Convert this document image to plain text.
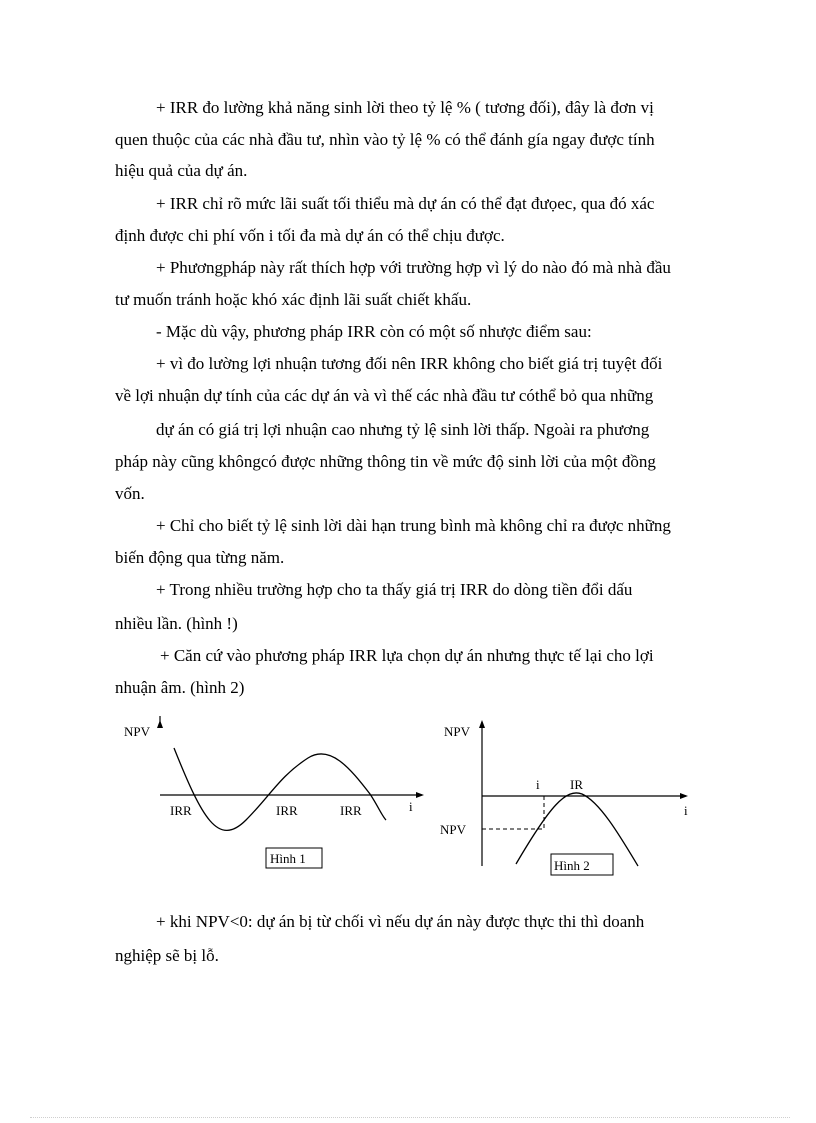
+ IRR đo lường khả năng sinh lời theo tỷ lệ % ( tương đối), đây là đơn vị
quen thuộc của các nhà đầu tư, nhìn vào tỷ lệ % có thể đánh gía ngay được tính
hiệu quả của dự án.
+ IRR chỉ rõ mức lãi suất tối thiểu mà dự án có thể đạt đưọec, qua đó xác
định được chi phí vốn i tối đa mà dự án có thể chịu được.
+ Phươngpháp này rất thích hợp với trường hợp vì lý do nào đó mà nhà đầu
tư muốn tránh hoặc khó xác định lãi suất chiết khấu.
- Mặc dù vậy, phương pháp IRR còn có một số nhược điểm sau:
+ vì đo lường lợi nhuận tương đối nên IRR không cho biết giá trị tuyệt đối
về lợi nhuận dự tính của các dự án và vì thế các nhà đầu tư cóthể bỏ qua những
dự án có giá trị lợi nhuận cao nhưng tỷ lệ sinh lời thấp. Ngoài ra phương
pháp này cũng khôngcó được những thông tin về mức độ sinh lời của một đồng
vốn.
+ Chỉ cho biết tỷ lệ sinh lời dài hạn trung bình mà không chỉ ra được những
biến động qua từng năm.
+ Trong nhiều trường hợp cho ta thấy giá trị IRR do dòng tiền đổi dấu
nhiều lần. (hình !)
+ Căn cứ vào phương pháp IRR lựa chọn dự án nhưng thực tế lại cho lợi
nhuận âm. (hình 2)
NPV
i
IRR	IRR	IRR
Hình 1
NPV
i
i IR
NPV
Hình 2
+ khi NPV<0: dự án bị từ chối vì nếu dự án này được thực thi thì doanh
nghiệp sẽ bị lỗ.
